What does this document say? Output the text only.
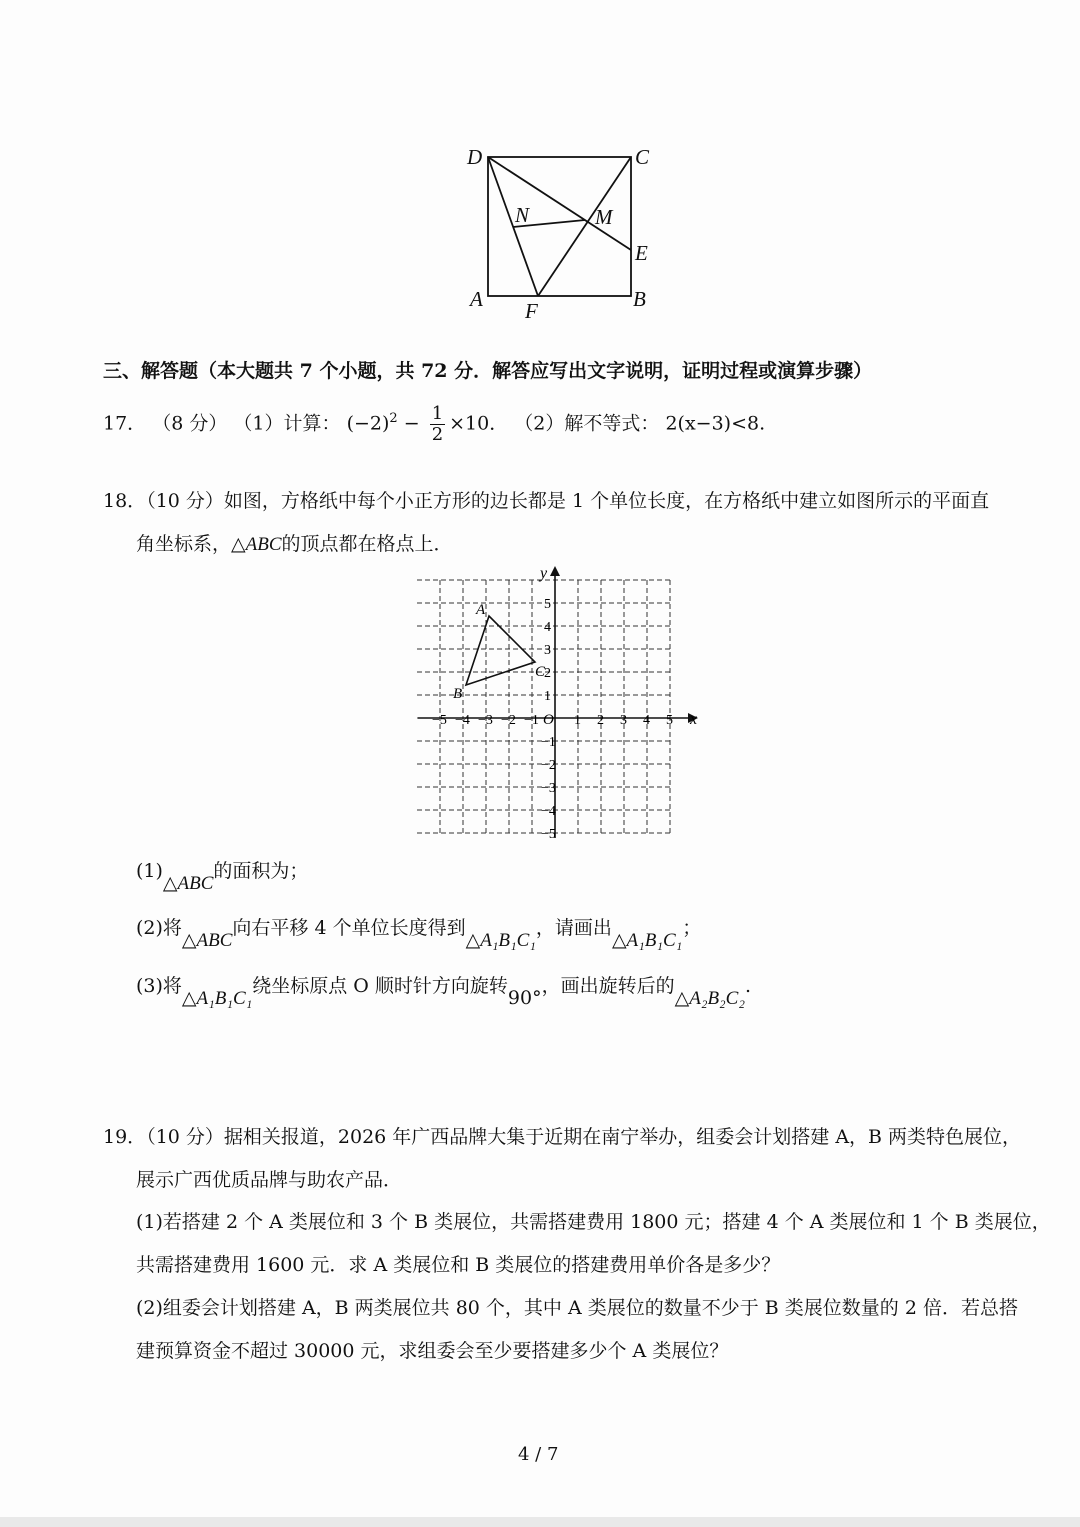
D	C
N	M
E
A	B
F
三、解答题（本大题共 7 个小题，共 72 分．解答应写出文字说明，证明过程或演算步骤）
17． （8 分） （1）计算： $(-2)^2 - \frac{1}{2} \times 10$． （2）解不等式： 2(x−3)<8.
18．（10 分）如图，方格纸中每个小正方形的边长都是 1 个单位长度，在方格纸中建立如图所示的平面直
角坐标系，△ABC的顶点都在格点上．
x
y
O
−5 −4 −3 −2 −1	1 2 3 4 5
5
4
3
2
1
−1
−2
−3
−4
−5
A
B
C
(1)△ABC的面积为；
(2)将△ABC向右平移 4 个单位长度得到△A₁B₁C₁，请画出△A₁B₁C₁；
(3)将△A₁B₁C₁绕坐标原点 O 顺时针方向旋转90°，画出旋转后的△A₂B₂C₂.
19．（10 分）据相关报道，2026 年广西品牌大集于近期在南宁举办，组委会计划搭建 A，B 两类特色展位，
展示广西优质品牌与助农产品．
(1)若搭建 2 个 A 类展位和 3 个 B 类展位，共需搭建费用 1800 元；搭建 4 个 A 类展位和 1 个 B 类展位，
共需搭建费用 1600 元．求 A 类展位和 B 类展位的搭建费用单价各是多少？
(2)组委会计划搭建 A，B 两类展位共 80 个，其中 A 类展位的数量不少于 B 类展位数量的 2 倍．若总搭
建预算资金不超过 30000 元，求组委会至少要搭建多少个 A 类展位？
4 / 7
